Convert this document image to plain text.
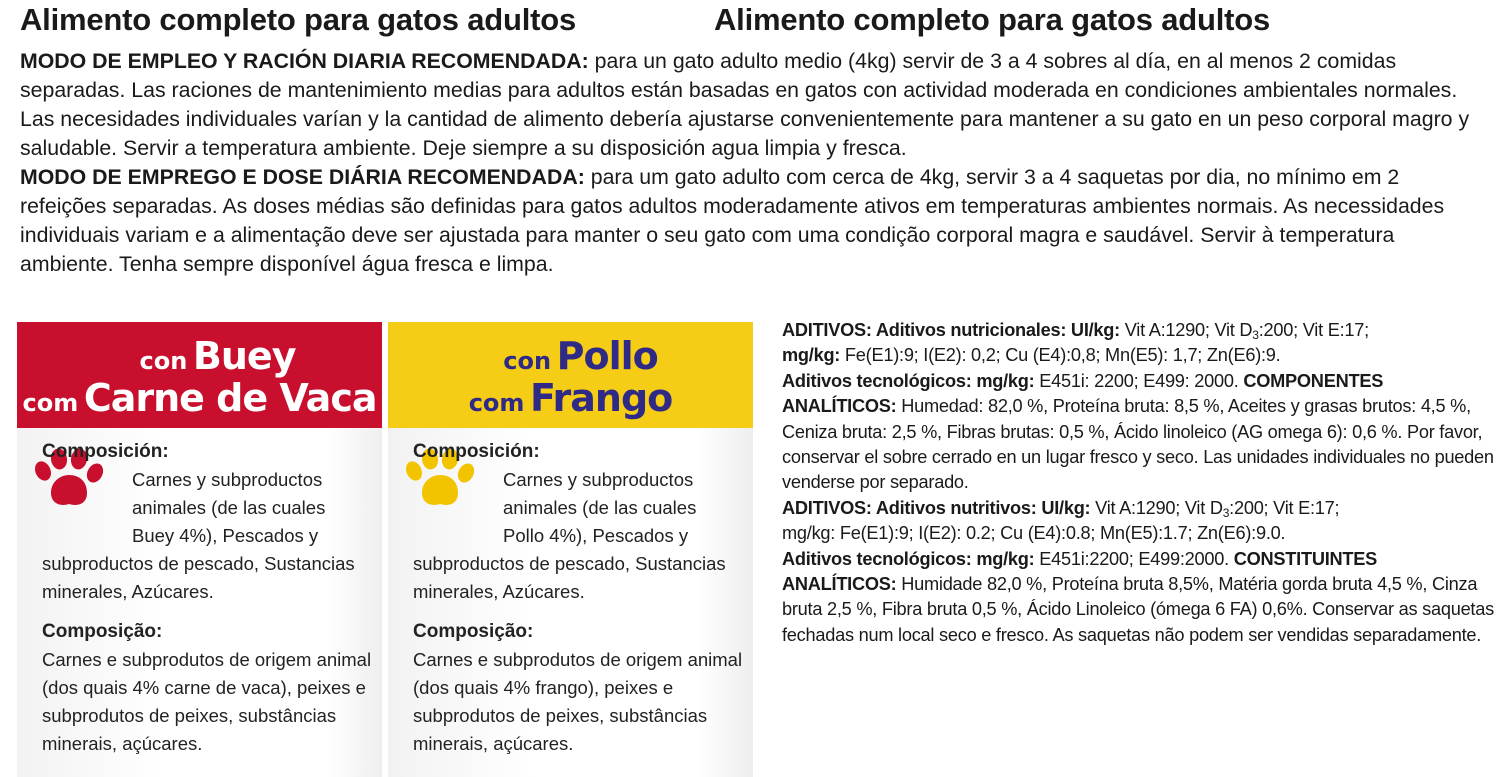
Alimento completo para gatos adultos	Alimento completo para gatos adultos

MODO DE EMPLEO Y RACIÓN DIARIA RECOMENDADA: para un gato adulto medio (4kg) servir de 3 a 4 sobres al día, en al menos 2 comidas separadas. Las raciones de mantenimiento medias para adultos están basadas en gatos con actividad moderada en condiciones ambientales normales. Las necesidades individuales varían y la cantidad de alimento debería ajustarse convenientemente para mantener a su gato en un peso corporal magro y saludable. Servir a temperatura ambiente. Deje siempre a su disposición agua limpia y fresca.

MODO DE EMPREGO E DOSE DIÁRIA RECOMENDADA: para um gato adulto com cerca de 4kg, servir 3 a 4 saquetas por dia, no mínimo em 2 refeições separadas. As doses médias são definidas para gatos adultos moderadamente ativos em temperaturas ambientes normais. As necessidades individuais variam e a alimentação deve ser ajustada para manter o seu gato com uma condição corporal magra e saudável. Servir à temperatura ambiente. Tenha sempre disponível água fresca e limpa.

con Buey
com Carne de Vaca
Composición:
Carnes y subproductos
animales (de las cuales
Buey 4%), Pescados y
subproductos de pescado, Sustancias minerales, Azúcares.
Composição:
Carnes e subprodutos de origem animal (dos quais 4% carne de vaca), peixes e subprodutos de peixes, substâncias minerais, açúcares.
con Pollo
com Frango
Composición:
Carnes y subproductos
animales (de las cuales
Pollo 4%), Pescados y
subproductos de pescado, Sustancias minerales, Azúcares.
Composição:
Carnes e subprodutos de origem animal (dos quais 4% frango), peixes e subprodutos de peixes, substâncias minerais, açúcares.

ADITIVOS: Aditivos nutricionales: UI/kg: Vit A:1290; Vit $D_3:200$; Vit E:17;
mg/kg: Fe(E1):9; I(E2): 0,2; Cu (E4):0,8; Mn(E5): 1,7; Zn(E6):9.
Aditivos tecnológicos: mg/kg: E451i: 2200; E499: 2000. COMPONENTES ANALÍTICOS: Humedad: 82,0 %, Proteína bruta: 8,5 %, Aceites y grasas brutos: 4,5 %, Ceniza bruta: 2,5 %, Fibras brutas: 0,5 %, Ácido linoleico (AG omega 6): 0,6 %. Por favor, conservar el sobre cerrado en un lugar fresco y seco. Las unidades individuales no pueden venderse por separado.

ADITIVOS: Aditivos nutritivos: UI/kg: Vit A:1290; Vit $D_3:200$; Vit E:17;
mg/kg: Fe(E1):9; I(E2): 0.2; Cu (E4):0.8; Mn(E5):1.7; Zn(E6):9.0.
Aditivos tecnológicos: mg/kg: E451i:2200; E499:2000. CONSTITUINTES ANALÍTICOS: Humidade 82,0 %, Proteína bruta 8,5%, Matéria gorda bruta 4,5 %, Cinza bruta 2,5 %, Fibra bruta 0,5 %, Ácido Linoleico (ómega 6 FA) 0,6%. Conservar as saquetas fechadas num local seco e fresco. As saquetas não podem ser vendidas separadamente.
